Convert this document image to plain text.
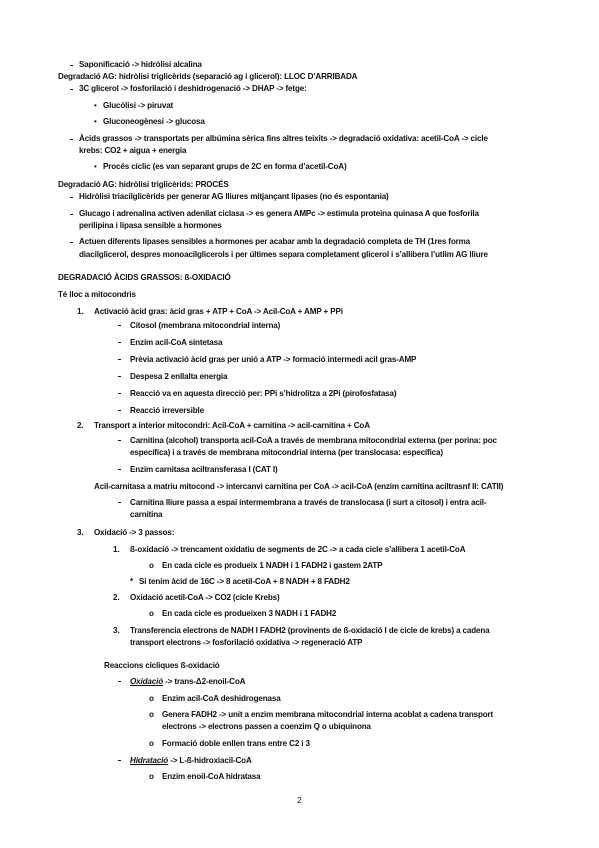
Saponificació -> hidròlisi alcalina
Degradació AG: hidròlisi triglicèrids (separació ag i glicerol): LLOC D’ARRIBADA
3C glicerol -> fosforilació i deshidrogenació -> DHAP -> fetge:
• Glucòlisi -> piruvat
• Gluconeogènesi -> glucosa
Àcids grassos -> transportats per albúmina sèrica fins altres teixits -> degradació oxidativa: acetil-CoA -> cicle
krebs: CO2 + aigua + energia
• Procés cíclic (es van separant grups de 2C en forma d’acetil-CoA)
Degradació AG: hidròlisi triglicèrids: PROCÉS
Hidròlisi triacilglicèrids per generar AG lliures mitjançant lipases (no és espontania)
Glucago i adrenalina activen adenilat ciclasa -> es genera AMPc -> estimula proteina quinasa A que fosforila
perilipina i lipasa sensible a hormones
Actuen diferents lipases sensibles a hormones per acabar amb la degradació completa de TH (1res forma
diacilglicerol, despres monoacilglicerols i per últimes separa completament glicerol i s’allibera l’utlim AG lliure
DEGRADACIÓ ÀCIDS GRASSOS: ß-OXIDACIÓ
Té lloc a mitocondris
1. Activació àcid gras: àcid gras + ATP + CoA -> Acil-CoA + AMP + PPi
Citosol (membrana mitocondrial interna)
Enzim acil-CoA sintetasa
Prèvia activació àcid gras per unió a ATP -> formació intermedi acil gras-AMP
Despesa 2 enllalta energia
Reacció va en aquesta direcció per: PPi s’hidrolitza a 2Pi (pirofosfatasa)
Reacció irreversible
2. Transport a interior mitocondri: Acil-CoA + carnitina -> acil-carnitina + CoA
Carnitina (alcohol) transporta acil-CoA a través de membrana mitocondrial externa (per porina: poc
específica) i a través de membrana mitocondrial interna (per translocasa: específica)
Enzim carnitasa aciltransferasa I (CAT I)
Acil-carnitasa a matriu mitocond -> intercanvi carnitina per CoA -> acil-CoA (enzim carnitina aciltrasnf II: CATII)
Carnitina lliure passa a espai intermembrana a través de translocasa (i surt a citosol) i entra acil-
carnitina
3. Oxidació -> 3 passos:
1. ß-oxidació -> trencament oxidatiu de segments de 2C -> a cada cicle s’allibera 1 acetil-CoA
o En cada cicle es produeix 1 NADH i 1 FADH2 i gastem 2ATP
* Si tenim àcid de 16C -> 8 acetil-CoA + 8 NADH + 8 FADH2
2. Oxidació acetil-CoA -> CO2 (cicle Krebs)
o En cada cicle es produeixen 3 NADH i 1 FADH2
3. Transferencia electrons de NADH I FADH2 (provinents de ß-oxidació I de cicle de krebs) a cadena
transport electrons -> fosforilació oxidativa -> regeneració ATP
Reaccions cícliques ß-oxidació
Oxidació -> trans-Δ2-enoil-CoA
o Enzim acil-CoA deshidrogenasa
o Genera FADH2 -> unit a enzim membrana mitocondrial interna acoblat a cadena transport
electrons -> electrons passen a coenzim Q o ubiquinona
o Formació doble enllen trans entre C2 i 3
Hidratació -> L-ß-hidroxiacil-CoA
o Enzim enoil-CoA hidratasa
2
